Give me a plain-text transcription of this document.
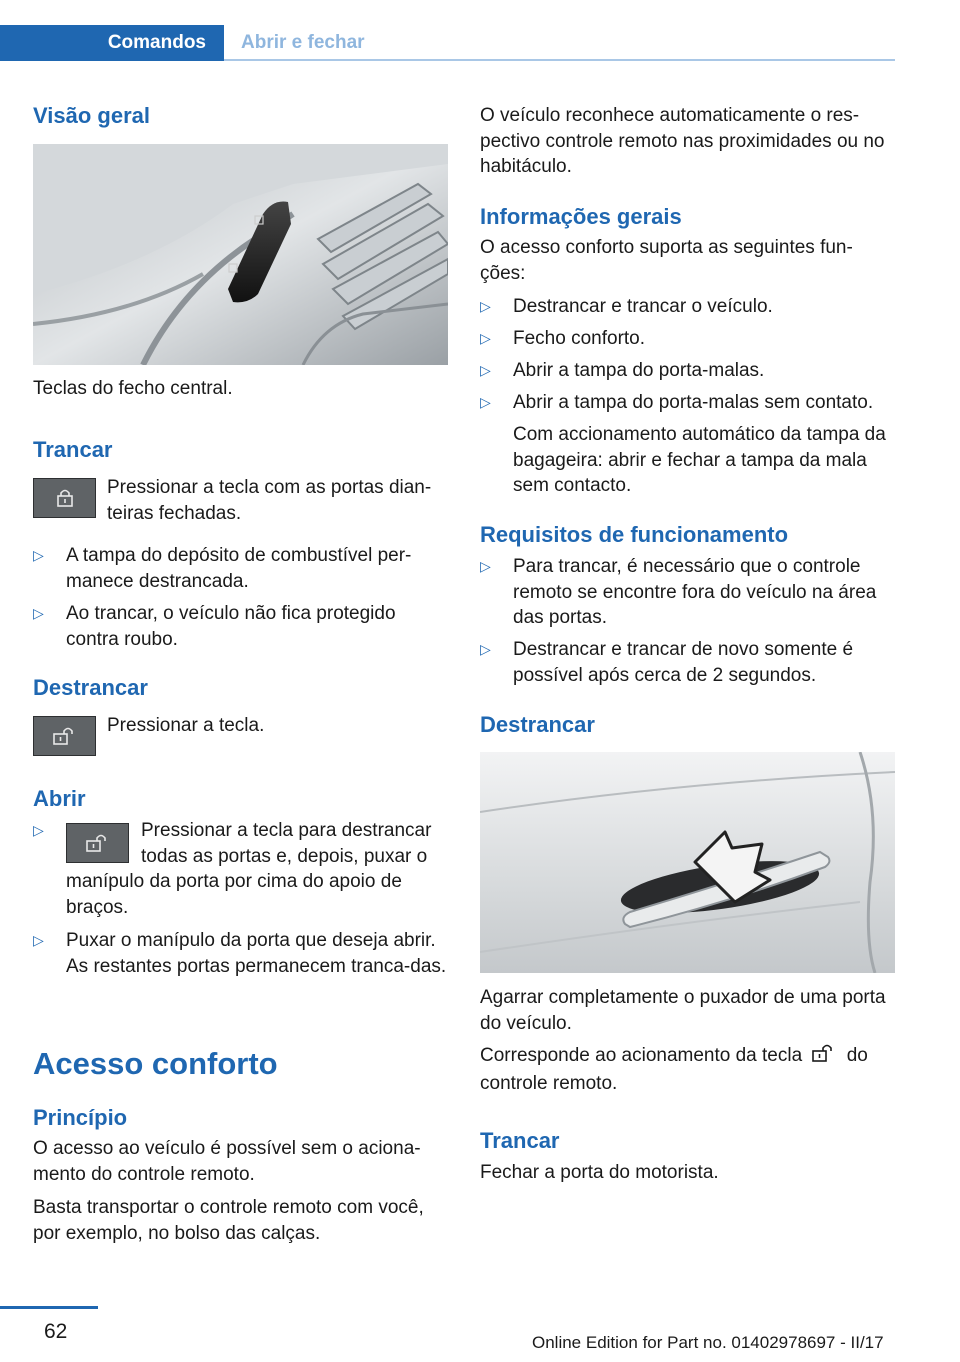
Comandos Abrir e fechar
Visão geral

Teclas do fecho central.

Trancar

Pressionar a tecla com as portas dian-teiras fechadas.

▷ A tampa do depósito de combustível per-manece destrancada.
▷ Ao trancar, o veículo não fica protegido contra roubo.
Destrancar

Pressionar a tecla.

Abrir
▷	Pressionar a tecla para destrancar todas as portas e, depois, puxar o
manípulo da porta por cima do apoio de braços.
▷ Puxar o manípulo da porta que deseja abrir. As restantes portas permanecem tranca-das.
Acesso conforto
Princípio

O acesso ao veículo é possível sem o aciona-mento do controle remoto.

Basta transportar o controle remoto com você, por exemplo, no bolso das calças.

O veículo reconhece automaticamente o res-pectivo controle remoto nas proximidades ou no habitáculo.

Informações gerais

O acesso conforto suporta as seguintes fun-ções:

▷ Destrancar e trancar o veículo.
▷ Fecho conforto.
▷ Abrir a tampa do porta-malas.
▷ Abrir a tampa do porta-malas sem contato.

Com accionamento automático da tampa da bagageira: abrir e fechar a tampa da mala sem contacto.

Requisitos de funcionamento
▷ Para trancar, é necessário que o controle remoto se encontre fora do veículo na área das portas.
▷ Destrancar e trancar de novo somente é possível após cerca de 2 segundos.
Destrancar

Agarrar completamente o puxador de uma porta do veículo.

Corresponde ao acionamento da tecla do
controle remoto.
Trancar

Fechar a porta do motorista.

62	Online Edition for Part no. 01402978697 - II/17
